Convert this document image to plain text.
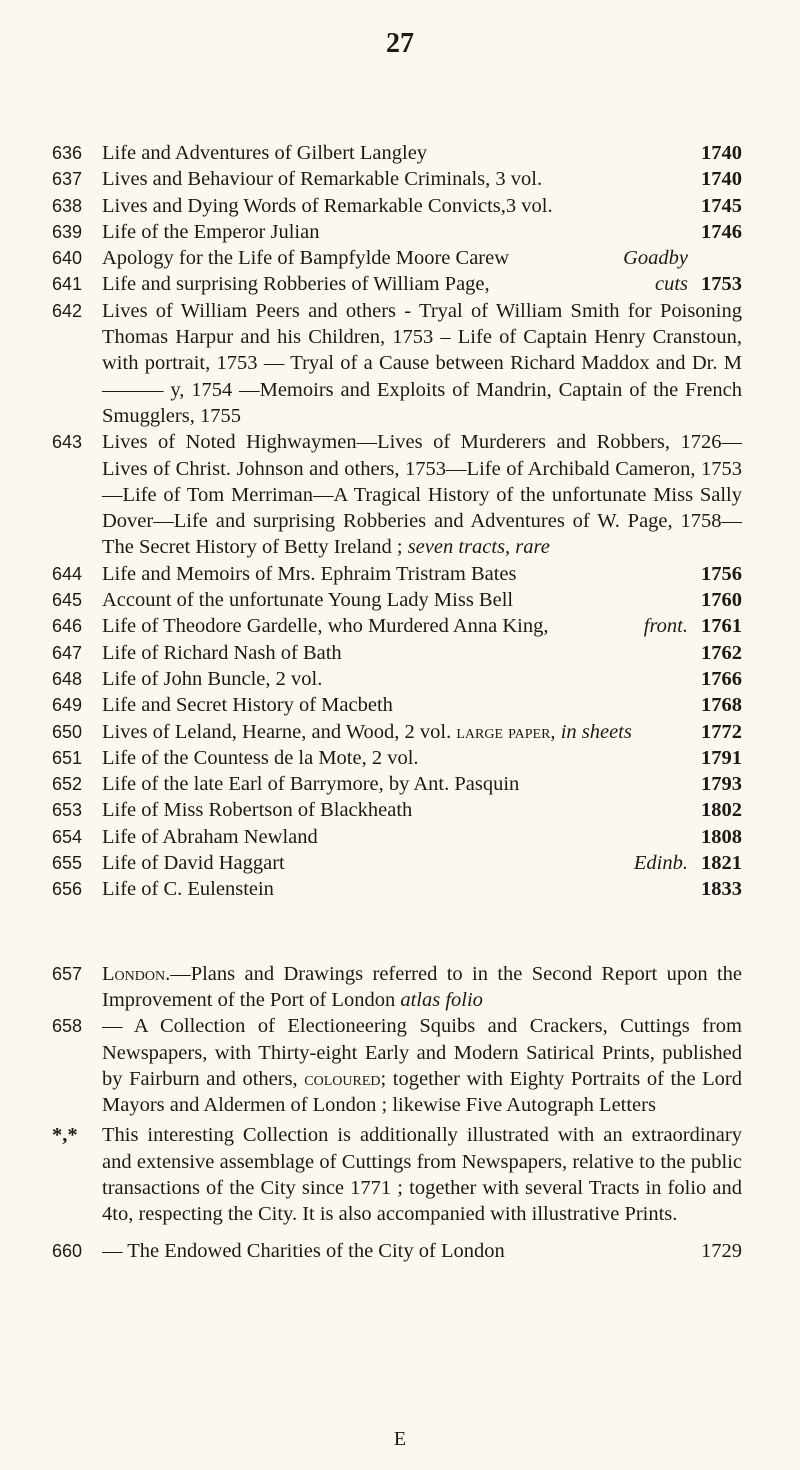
27
636 Life and Adventures of Gilbert Langley	1740
637 Lives and Behaviour of Remarkable Criminals, 3 vol.	1740
638 Lives and Dying Words of Remarkable Convicts,3 vol.	1745
639 Life of the Emperor Julian	1746
640 Apology for the Life of Bampfylde Moore Carew	Goadby
641 Life and surprising Robberies of William Page,	cuts 1753
642 Lives of William Peers and others - Tryal of William Smith for Poisoning Thomas Harpur and his Children, 1753 – Life of Captain Henry Cranstoun, with portrait, 1753 — Tryal of a Cause between Richard Maddox and Dr. M——— y, 1754 —Memoirs and Exploits of Mandrin, Captain of the French Smugglers, 1755

643 Lives of Noted Highwaymen—Lives of Murderers and Robbers, 1726—Lives of Christ. Johnson and others, 1753—Life of Archibald Cameron, 1753—Life of Tom Merriman—A Tragical History of the unfortunate Miss Sally Dover—Life and surprising Robberies and Adventures of W. Page, 1758— The Secret History of Betty Ireland ; seven tracts, rare

644 Life and Memoirs of Mrs. Ephraim Tristram Bates	1756
645 Account of the unfortunate Young Lady Miss Bell	1760
646 Life of Theodore Gardelle, who Murdered Anna King,	front. 1761
647 Life of Richard Nash of Bath	1762
648 Life of John Buncle, 2 vol.	1766
649 Life and Secret History of Macbeth	1768
650 Lives of Leland, Hearne, and Wood, 2 vol. large paper, in sheets	1772

651 Life of the Countess de la Mote, 2 vol.	1791
652 Life of the late Earl of Barrymore, by Ant. Pasquin	1793
653 Life of Miss Robertson of Blackheath	1802
654 Life of Abraham Newland	1808
655 Life of David Haggart	Edinb. 1821
656 Life of C. Eulenstein	1833
657 London.—Plans and Drawings referred to in the Second Report upon the Improvement of the Port of London atlas folio

658 — A Collection of Electioneering Squibs and Crackers, Cuttings from Newspapers, with Thirty-eight Early and Modern Satirical Prints, published by Fairburn and others, coloured; together with Eighty Portraits of the Lord Mayors and Aldermen of London ; likewise Five Autograph Letters

*,* This interesting Collection is additionally illustrated with an extraordinary and extensive assemblage of Cuttings from Newspapers, relative to the public transactions of the City since 1771 ; together with several Tracts in folio and 4to, respecting the City. It is also accompanied with illustrative Prints.

660 — The Endowed Charities of the City of London	1729
E
